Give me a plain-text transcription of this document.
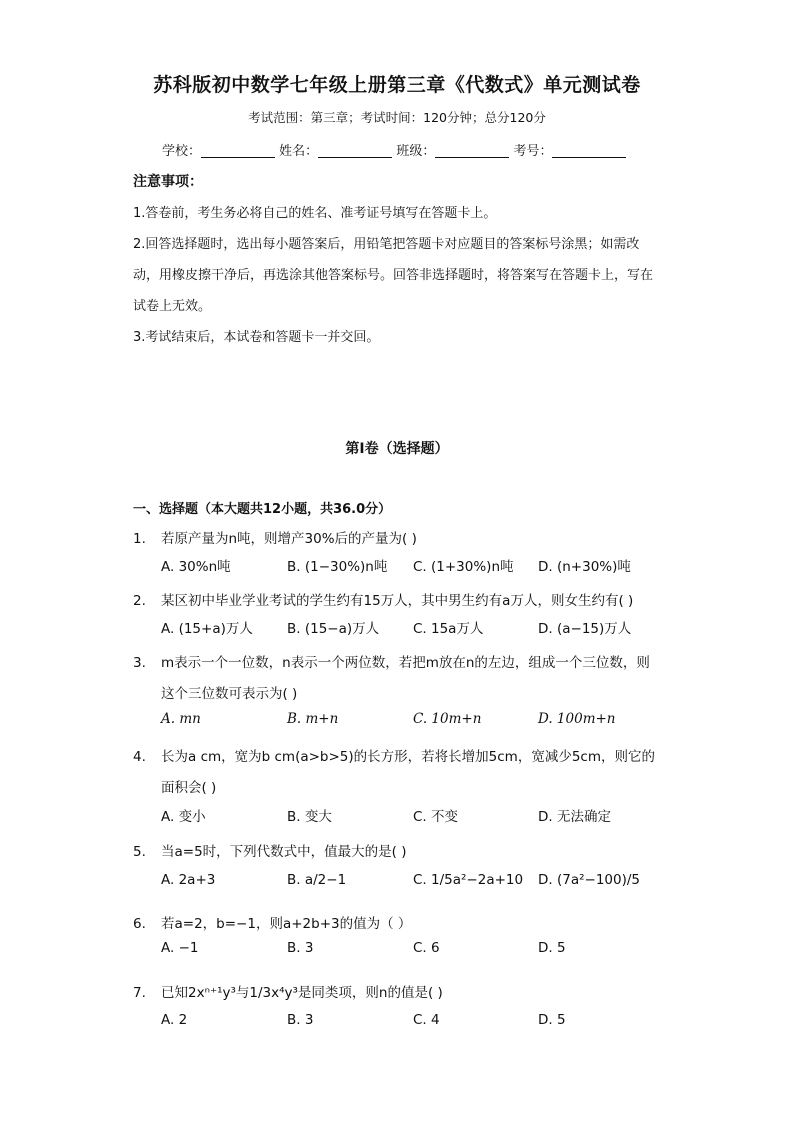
苏科版初中数学七年级上册第三章《代数式》单元测试卷
考试范围：第三章；考试时间：120分钟；总分120分
学校：	姓名：	班级：	考号：
注意事项：
1.答卷前，考生务必将自己的姓名、准考证号填写在答题卡上。
2.回答选择题时，选出每小题答案后，用铅笔把答题卡对应题目的答案标号涂黑；如需改动，用橡皮擦干净后，再选涂其他答案标号。回答非选择题时，将答案写在答题卡上，写在试卷上无效。
3.考试结束后，本试卷和答题卡一并交回。
第I卷（选择题）
一、选择题（本大题共12小题，共36.0分）
1. 若原产量为n吨，则增产30%后的产量为( )
A. 30%n吨	B. (1−30%)n吨 C. (1+30%)n吨 D. (n+30%)吨
2. 某区初中毕业学业考试的学生约有15万人，其中男生约有a万人，则女生约有( )
A. (15+a)万人	B. (15−a)万人	C. 15a万人	D. (a−15)万人
3. m表示一个一位数，n表示一个两位数，若把m放在n的左边，组成一个三位数，则这个三位数可表示为( )
A. mn	B. m+n	C. 10m+n	D. 100m+n
4. 长为a cm，宽为b cm(a>b>5)的长方形，若将长增加5cm，宽减少5cm，则它的面积会( )
A. 变小	B. 变大	C. 不变	D. 无法确定
5. 当a=5时，下列代数式中，值最大的是( )
A. 2a+3	B. a/2−1	C. 1/5a²−2a+10 D. (7a²−100)/5
6. 若a=2，b=−1，则a+2b+3的值为（ ）
A. −1	B. 3	C. 6	D. 5
7. 已知2xⁿ⁺¹y³与1/3x⁴y³是同类项，则n的值是( )
A. 2	B. 3	C. 4	D. 5
